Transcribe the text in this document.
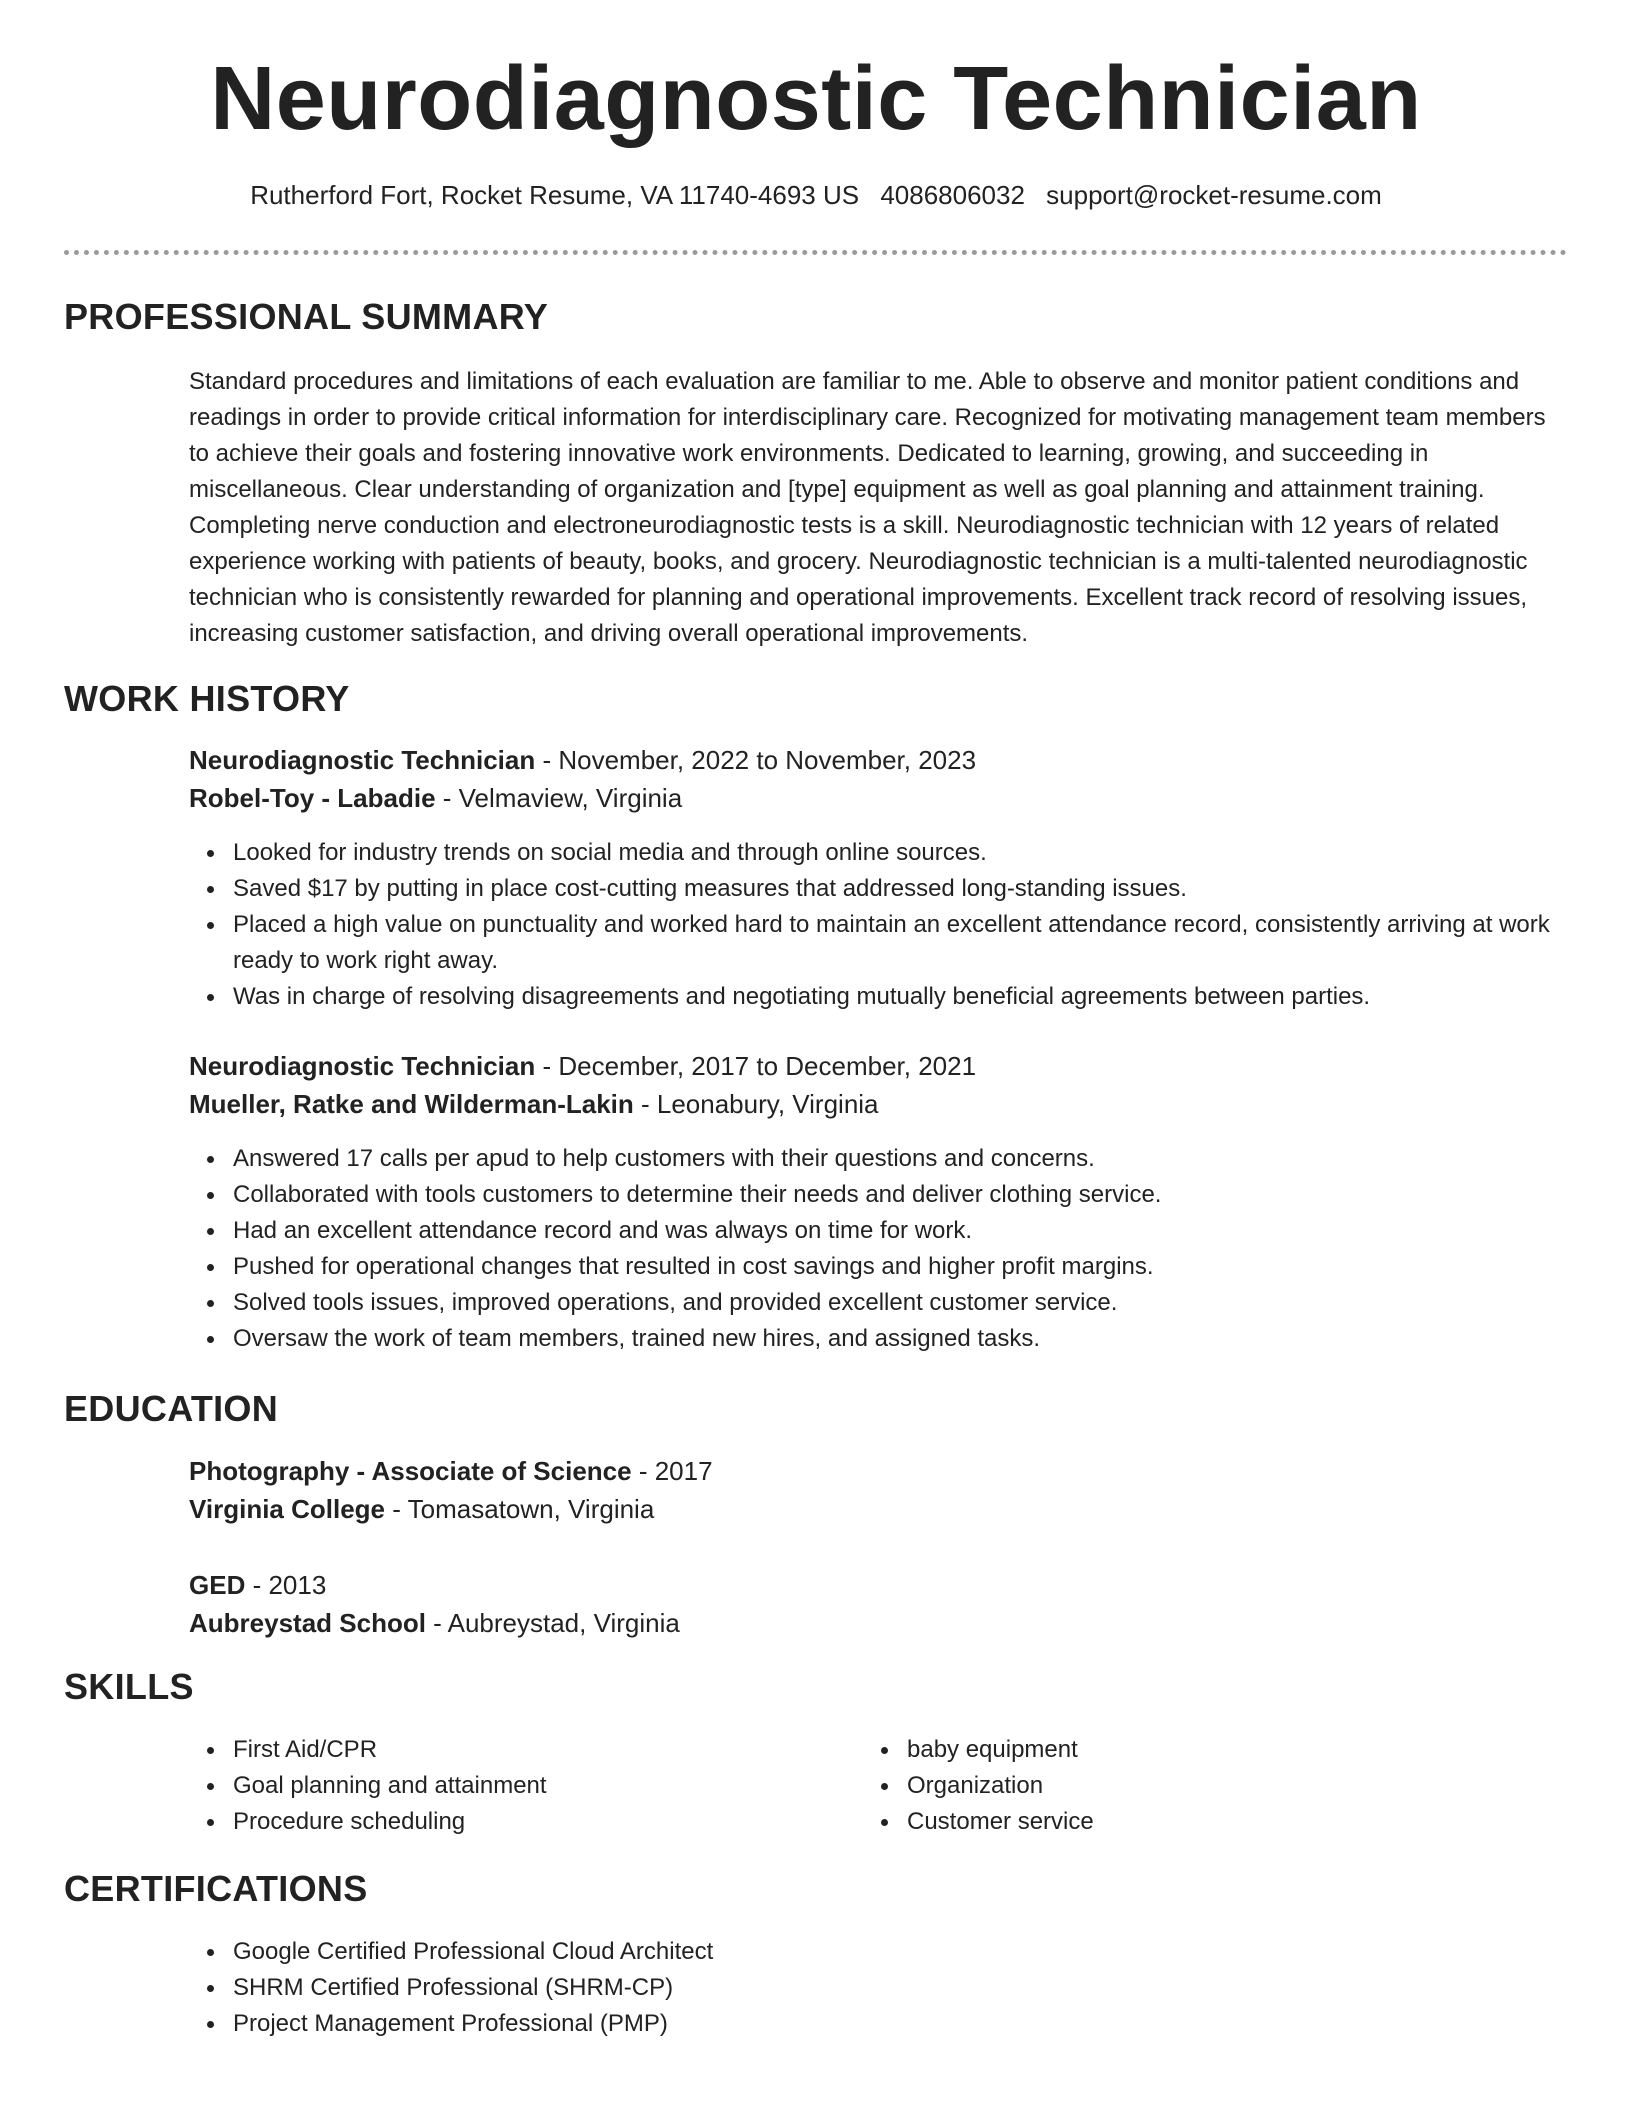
Neurodiagnostic Technician
Rutherford Fort, Rocket Resume, VA 11740-4693 US 4086806032 support@rocket-resume.com
PROFESSIONAL SUMMARY

Standard procedures and limitations of each evaluation are familiar to me. Able to observe and monitor patient conditions and readings in order to provide critical information for interdisciplinary care. Recognized for motivating management team members to achieve their goals and fostering innovative work environments. Dedicated to learning, growing, and succeeding in miscellaneous. Clear understanding of organization and [type] equipment as well as goal planning and attainment training. Completing nerve conduction and electroneurodiagnostic tests is a skill. Neurodiagnostic technician with 12 years of related experience working with patients of beauty, books, and grocery. Neurodiagnostic technician is a multi-talented neurodiagnostic technician who is consistently rewarded for planning and operational improvements. Excellent track record of resolving issues, increasing customer satisfaction, and driving overall operational improvements.

WORK HISTORY
Neurodiagnostic Technician - November, 2022 to November, 2023
Robel-Toy - Labadie - Velmaview, Virginia
Looked for industry trends on social media and through online sources.
Saved $17 by putting in place cost-cutting measures that addressed long-standing issues.
Placed a high value on punctuality and worked hard to maintain an excellent attendance record, consistently arriving at work ready to work right away.
Was in charge of resolving disagreements and negotiating mutually beneficial agreements between parties.
Neurodiagnostic Technician - December, 2017 to December, 2021
Mueller, Ratke and Wilderman-Lakin - Leonabury, Virginia
Answered 17 calls per apud to help customers with their questions and concerns.
Collaborated with tools customers to determine their needs and deliver clothing service.
Had an excellent attendance record and was always on time for work.
Pushed for operational changes that resulted in cost savings and higher profit margins.
Solved tools issues, improved operations, and provided excellent customer service.
Oversaw the work of team members, trained new hires, and assigned tasks.
EDUCATION
Photography - Associate of Science - 2017
Virginia College - Tomasatown, Virginia
GED - 2013
Aubreystad School - Aubreystad, Virginia
SKILLS
First Aid/CPR
Goal planning and attainment
Procedure scheduling
baby equipment
Organization
Customer service
CERTIFICATIONS
Google Certified Professional Cloud Architect
SHRM Certified Professional (SHRM-CP)
Project Management Professional (PMP)
